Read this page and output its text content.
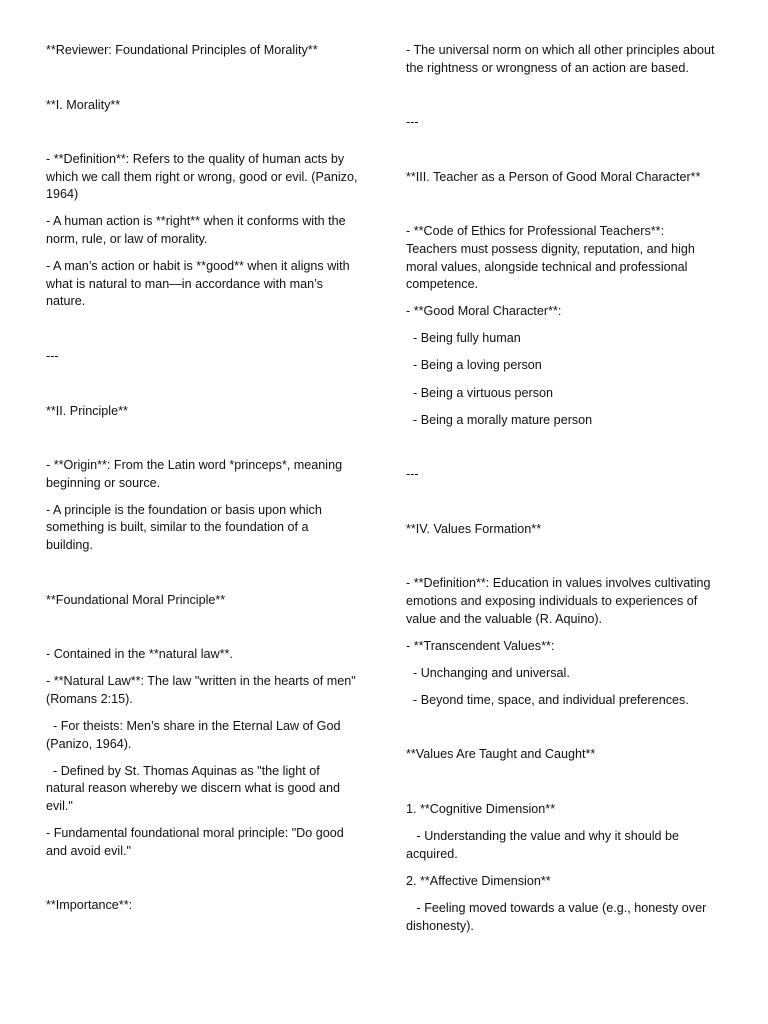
**Reviewer: Foundational Principles of Morality**

**I. Morality**

- **Definition**: Refers to the quality of human acts by which we call them right or wrong, good or evil. (Panizo, 1964)

- A human action is **right** when it conforms with the norm, rule, or law of morality.

- A man’s action or habit is **good** when it aligns with what is natural to man—in accordance with man’s nature.

---

**II. Principle**

- **Origin**: From the Latin word *princeps*, meaning beginning or source.

- A principle is the foundation or basis upon which something is built, similar to the foundation of a building.

**Foundational Moral Principle**

- Contained in the **natural law**.

- **Natural Law**: The law "written in the hearts of men" (Romans 2:15).

- For theists: Men’s share in the Eternal Law of God (Panizo, 1964).

- Defined by St. Thomas Aquinas as "the light of natural reason whereby we discern what is good and evil."

- Fundamental foundational moral principle: "Do good and avoid evil."

**Importance**:

- The universal norm on which all other principles about the rightness or wrongness of an action are based.

---

**III. Teacher as a Person of Good Moral Character**

- **Code of Ethics for Professional Teachers**: Teachers must possess dignity, reputation, and high moral values, alongside technical and professional competence.

- **Good Moral Character**:

- Being fully human

- Being a loving person

- Being a virtuous person

- Being a morally mature person

---

**IV. Values Formation**

- **Definition**: Education in values involves cultivating emotions and exposing individuals to experiences of value and the valuable (R. Aquino).

- **Transcendent Values**:

- Unchanging and universal.

- Beyond time, space, and individual preferences.

**Values Are Taught and Caught**

1. **Cognitive Dimension**

- Understanding the value and why it should be acquired.

2. **Affective Dimension**

- Feeling moved towards a value (e.g., honesty over dishonesty).
